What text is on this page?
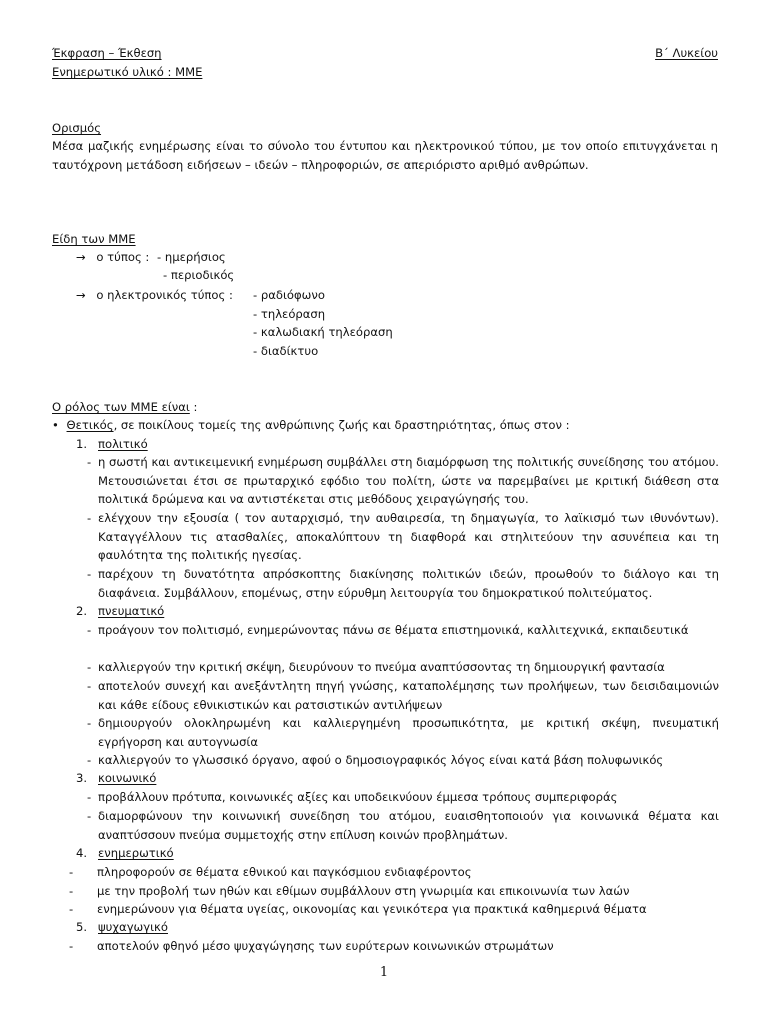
Έκφραση – Έκθεση	Β΄ Λυκείου
Ενημερωτικό υλικό : ΜΜΕ
Ορισμός
Μέσα μαζικής ενημέρωσης είναι το σύνολο του έντυπου και ηλεκτρονικού τύπου, με τον οποίο επιτυγχάνεται η ταυτόχρονη μετάδοση ειδήσεων – ιδεών – πληροφοριών, σε απεριόριστο αριθμό ανθρώπων.
Είδη των ΜΜΕ
→ ο τύπος : - ημερήσιος
- περιοδικός
→ ο ηλεκτρονικός τύπος : - ραδιόφωνο
- τηλεόραση
- καλωδιακή τηλεόραση
- διαδίκτυο
Ο ρόλος των ΜΜΕ είναι :
• Θετικός, σε ποικίλους τομείς της ανθρώπινης ζωής και δραστηριότητας, όπως στον :
1. πολιτικό
- η σωστή και αντικειμενική ενημέρωση συμβάλλει στη διαμόρφωση της πολιτικής συνείδησης του ατόμου. Μετουσιώνεται έτσι σε πρωταρχικό εφόδιο του πολίτη, ώστε να παρεμβαίνει με κριτική διάθεση στα πολιτικά δρώμενα και να αντιστέκεται στις μεθόδους χειραγώγησής του.
- ελέγχουν την εξουσία ( τον αυταρχισμό, την αυθαιρεσία, τη δημαγωγία, το λαϊκισμό των ιθυνόντων). Καταγγέλλουν τις ατασθαλίες, αποκαλύπτουν τη διαφθορά και στηλιτεύουν την ασυνέπεια και τη φαυλότητα της πολιτικής ηγεσίας.
- παρέχουν τη δυνατότητα απρόσκοπτης διακίνησης πολιτικών ιδεών, προωθούν το διάλογο και τη διαφάνεια. Συμβάλλουν, επομένως, στην εύρυθμη λειτουργία του δημοκρατικού πολιτεύματος.
2. πνευματικό
- προάγουν τον πολιτισμό, ενημερώνοντας πάνω σε θέματα επιστημονικά, καλλιτεχνικά, εκπαιδευτικά
- καλλιεργούν την κριτική σκέψη, διευρύνουν το πνεύμα αναπτύσσοντας τη δημιουργική φαντασία
- αποτελούν συνεχή και ανεξάντλητη πηγή γνώσης, καταπολέμησης των προλήψεων, των δεισιδαιμονιών και κάθε είδους εθνικιστικών και ρατσιστικών αντιλήψεων
- δημιουργούν ολοκληρωμένη και καλλιεργημένη προσωπικότητα, με κριτική σκέψη, πνευματική εγρήγορση και αυτογνωσία
- καλλιεργούν το γλωσσικό όργανο, αφού ο δημοσιογραφικός λόγος είναι κατά βάση πολυφωνικός
3. κοινωνικό
- προβάλλουν πρότυπα, κοινωνικές αξίες και υποδεικνύουν έμμεσα τρόπους συμπεριφοράς
- διαμορφώνουν την κοινωνική συνείδηση του ατόμου, ευαισθητοποιούν για κοινωνικά θέματα και αναπτύσσουν πνεύμα συμμετοχής στην επίλυση κοινών προβλημάτων.
4. ενημερωτικό
- πληροφορούν σε θέματα εθνικού και παγκόσμιου ενδιαφέροντος
- με την προβολή των ηθών και εθίμων συμβάλλουν στη γνωριμία και επικοινωνία των λαών
- ενημερώνουν για θέματα υγείας, οικονομίας και γενικότερα για πρακτικά καθημερινά θέματα
5. ψυχαγωγικό
- αποτελούν φθηνό μέσο ψυχαγώγησης των ευρύτερων κοινωνικών στρωμάτων
1
